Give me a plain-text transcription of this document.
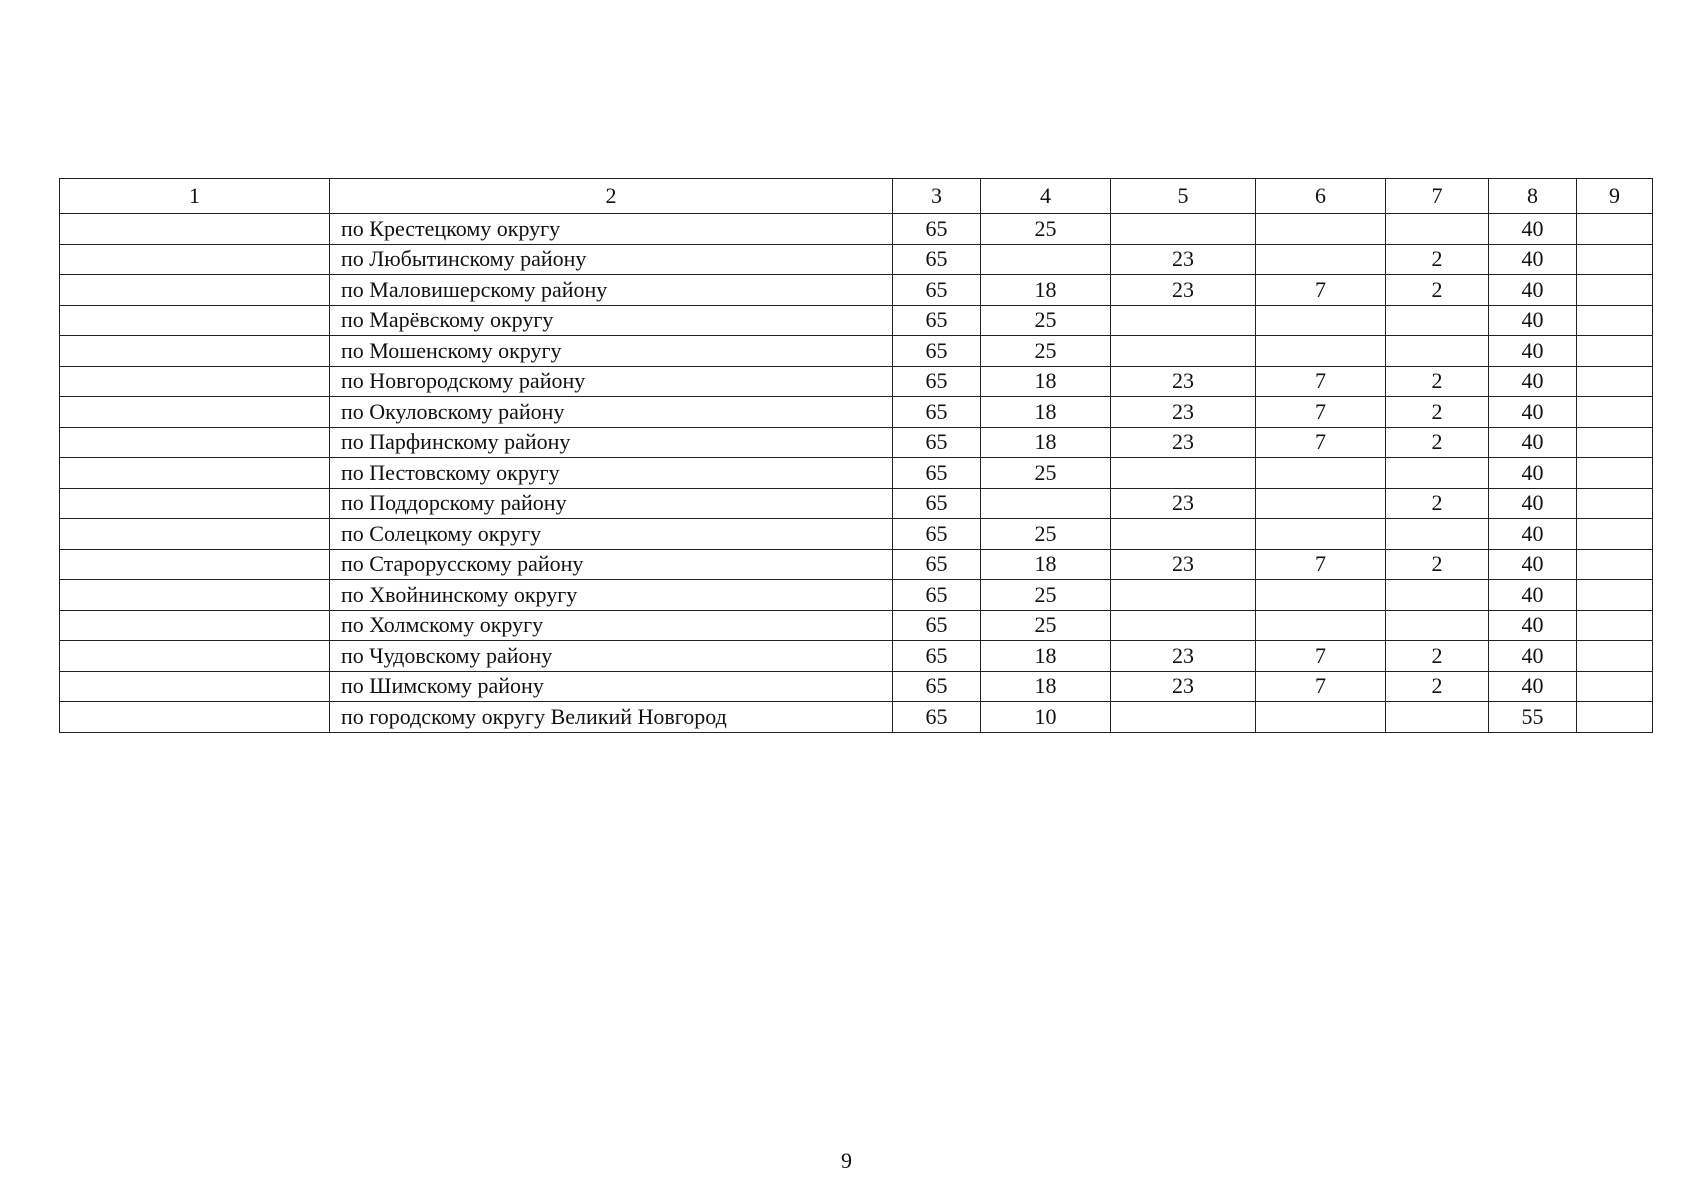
1	2	3	4	5	6	7	8	9
	по Крестецкому округу	65	25				40	
	по Любытинскому району	65		23		2	40	
	по Маловишерскому району	65	18	23	7	2	40	
	по Марёвскому округу	65	25				40	
	по Мошенскому округу	65	25				40	
	по Новгородскому району	65	18	23	7	2	40	
	по Окуловскому району	65	18	23	7	2	40	
	по Парфинскому району	65	18	23	7	2	40	
	по Пестовскому округу	65	25				40	
	по Поддорскому району	65		23		2	40	
	по Солецкому округу	65	25				40	
	по Старорусскому району	65	18	23	7	2	40	
	по Хвойнинскому округу	65	25				40	
	по Холмскому округу	65	25				40	
	по Чудовскому району	65	18	23	7	2	40	
	по Шимскому району	65	18	23	7	2	40	
	по городскому округу Великий Новгород	65	10				55	
9
